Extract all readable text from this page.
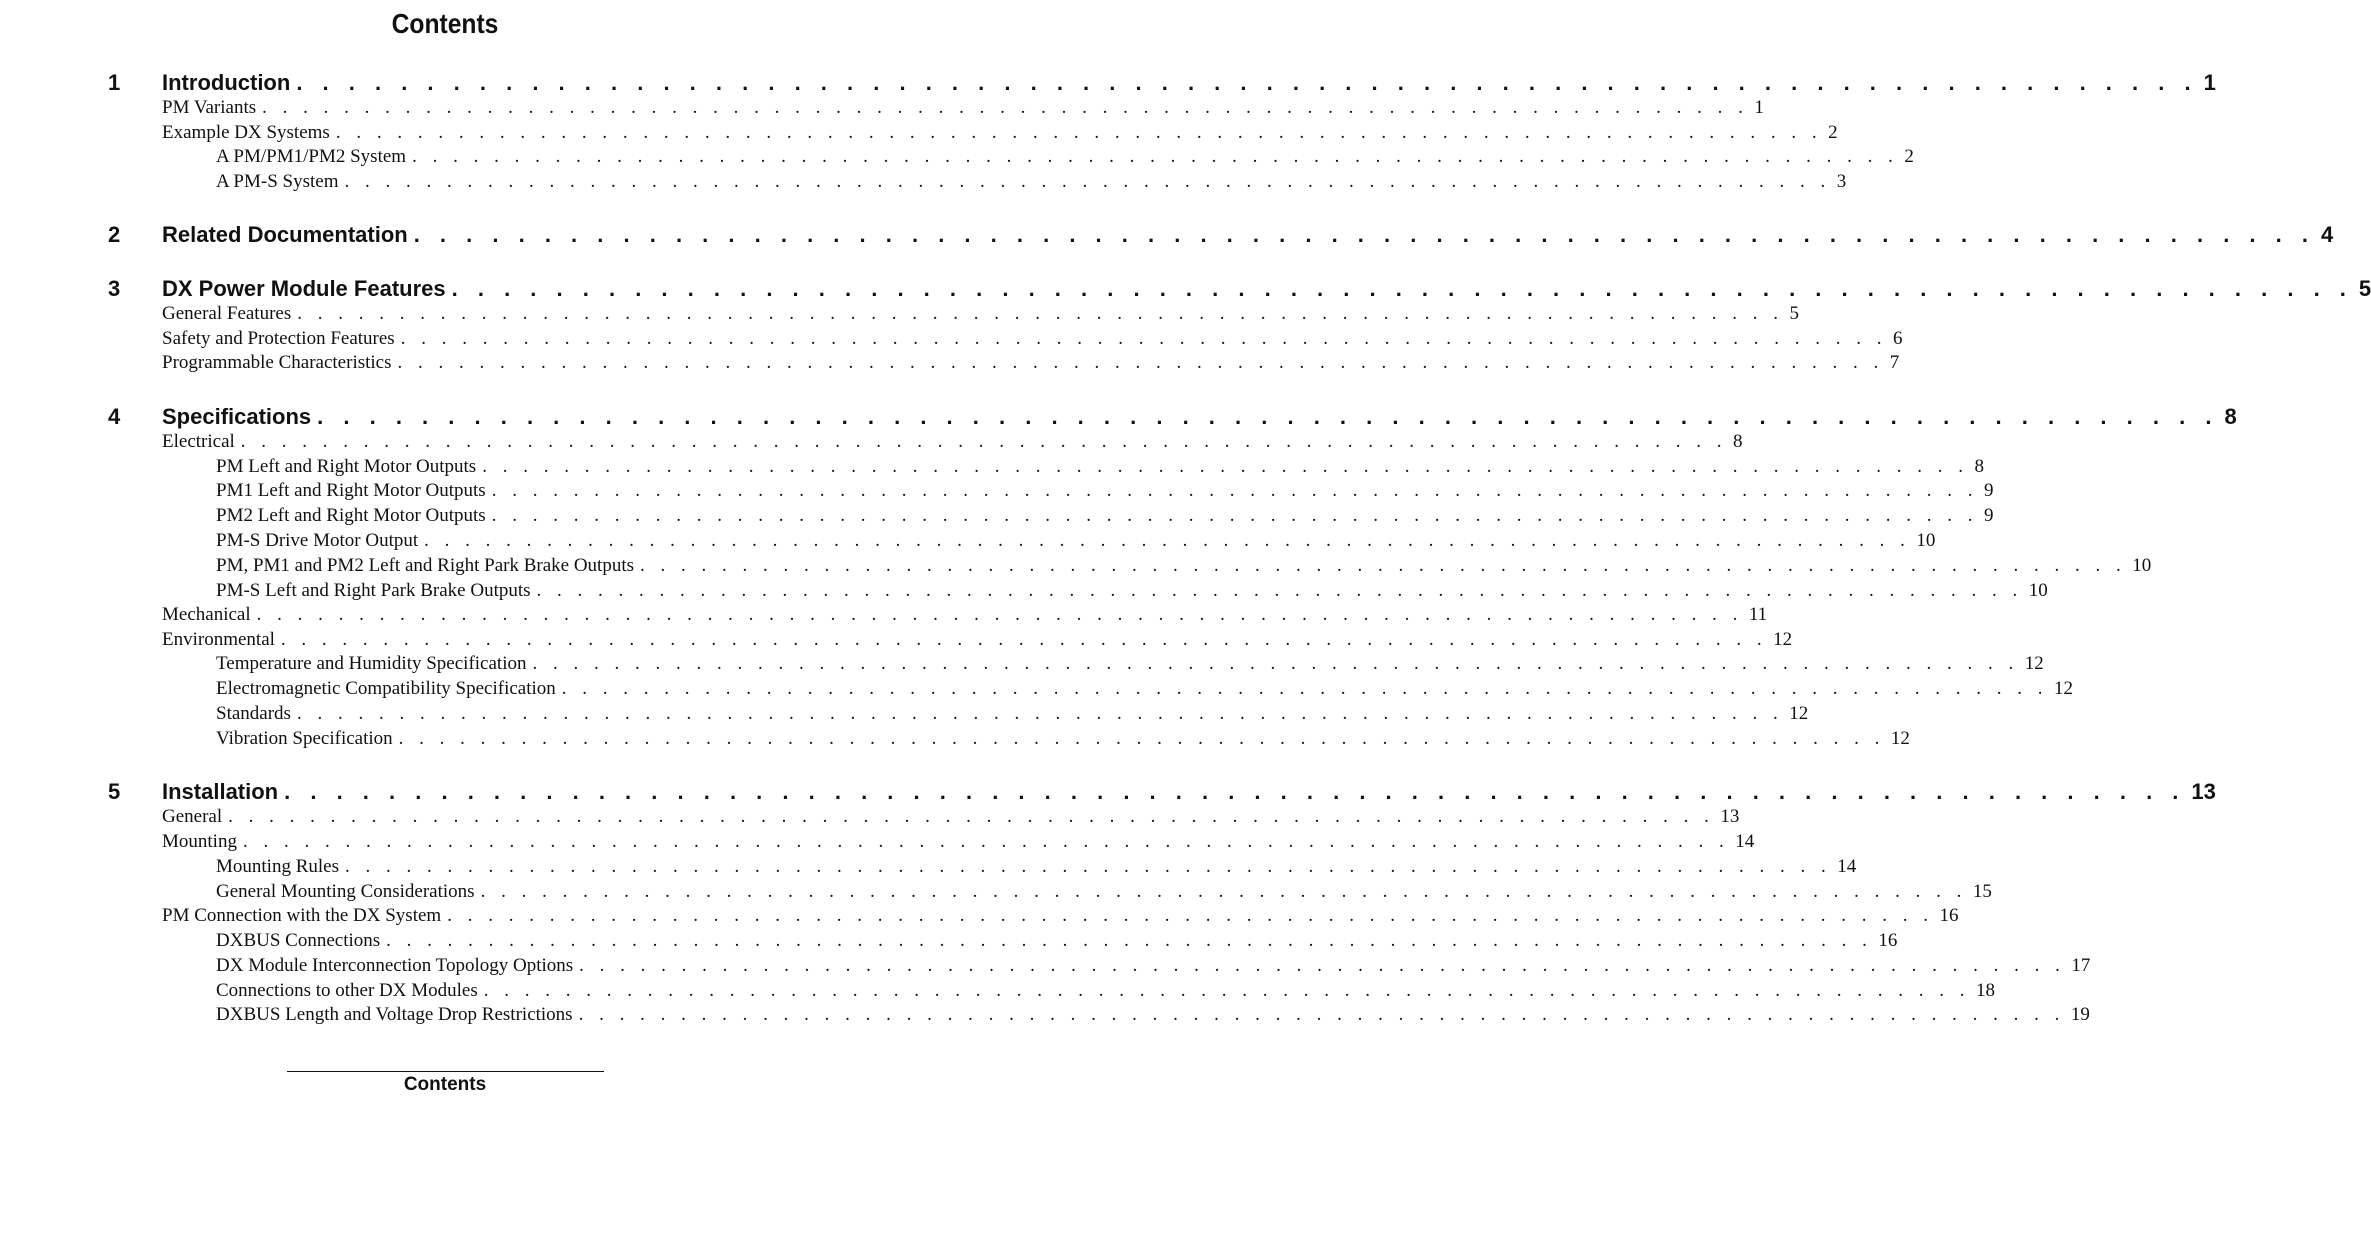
Contents
1 Introduction . . . . . . . . . . . . . . . . . . . . . . . . . . . . . . . . . . . . . . . . . . . . . . . . . . . . . . . . . . . . . . . . . . . . . . . . . 1
PM Variants . . . . . . . . . . . . . . . . . . . . . . . . . . . . . . . . . . . . . . . . . . . . . . . . . . . . . . . . . . . . . . . . . . . . . . . . . 1
Example DX Systems . . . . . . . . . . . . . . . . . . . . . . . . . . . . . . . . . . . . . . . . . . . . . . . . . . . . . . . . . . . . . . . . . . . . . . . . . 2
A PM/PM1/PM2 System . . . . . . . . . . . . . . . . . . . . . . . . . . . . . . . . . . . . . . . . . . . . . . . . . . . . . . . . . . . . . . . . . . . . . . . . . 2
A PM-S System . . . . . . . . . . . . . . . . . . . . . . . . . . . . . . . . . . . . . . . . . . . . . . . . . . . . . . . . . . . . . . . . . . . . . . . . . 3
2 Related Documentation . . . . . . . . . . . . . . . . . . . . . . . . . . . . . . . . . . . . . . . . . . . . . . . . . . . . . . . . . . . . . . . . . . . . . . . . . 4
3 DX Power Module Features . . . . . . . . . . . . . . . . . . . . . . . . . . . . . . . . . . . . . . . . . . . . . . . . . . . . . . . . . . . . . . . . . . . . . . . . . 5
General Features . . . . . . . . . . . . . . . . . . . . . . . . . . . . . . . . . . . . . . . . . . . . . . . . . . . . . . . . . . . . . . . . . . . . . . . . . 5
Safety and Protection Features . . . . . . . . . . . . . . . . . . . . . . . . . . . . . . . . . . . . . . . . . . . . . . . . . . . . . . . . . . . . . . . . . . . . . . . . . 6
Programmable Characteristics . . . . . . . . . . . . . . . . . . . . . . . . . . . . . . . . . . . . . . . . . . . . . . . . . . . . . . . . . . . . . . . . . . . . . . . . . 7
4 Specifications . . . . . . . . . . . . . . . . . . . . . . . . . . . . . . . . . . . . . . . . . . . . . . . . . . . . . . . . . . . . . . . . . . . . . . . . . 8
Electrical . . . . . . . . . . . . . . . . . . . . . . . . . . . . . . . . . . . . . . . . . . . . . . . . . . . . . . . . . . . . . . . . . . . . . . . . . 8
PM Left and Right Motor Outputs . . . . . . . . . . . . . . . . . . . . . . . . . . . . . . . . . . . . . . . . . . . . . . . . . . . . . . . . . . . . . . . . . . . . . . . . . 8
PM1 Left and Right Motor Outputs . . . . . . . . . . . . . . . . . . . . . . . . . . . . . . . . . . . . . . . . . . . . . . . . . . . . . . . . . . . . . . . . . . . . . . . . . 9
PM2 Left and Right Motor Outputs . . . . . . . . . . . . . . . . . . . . . . . . . . . . . . . . . . . . . . . . . . . . . . . . . . . . . . . . . . . . . . . . . . . . . . . . . 9
PM-S Drive Motor Output . . . . . . . . . . . . . . . . . . . . . . . . . . . . . . . . . . . . . . . . . . . . . . . . . . . . . . . . . . . . . . . . . . . . . . . . . 10
PM, PM1 and PM2 Left and Right Park Brake Outputs . . . . . . . . . . . . . . . . . . . . . . . . . . . . . . . . . . . . . . . . . . . . . . . . . . . . . . . . . . . . . . . . . . . . . . . . . 10
PM-S Left and Right Park Brake Outputs . . . . . . . . . . . . . . . . . . . . . . . . . . . . . . . . . . . . . . . . . . . . . . . . . . . . . . . . . . . . . . . . . . . . . . . . . 10
Mechanical . . . . . . . . . . . . . . . . . . . . . . . . . . . . . . . . . . . . . . . . . . . . . . . . . . . . . . . . . . . . . . . . . . . . . . . . . 11
Environmental . . . . . . . . . . . . . . . . . . . . . . . . . . . . . . . . . . . . . . . . . . . . . . . . . . . . . . . . . . . . . . . . . . . . . . . . . 12
Temperature and Humidity Specification . . . . . . . . . . . . . . . . . . . . . . . . . . . . . . . . . . . . . . . . . . . . . . . . . . . . . . . . . . . . . . . . . . . . . . . . . 12
Electromagnetic Compatibility Specification . . . . . . . . . . . . . . . . . . . . . . . . . . . . . . . . . . . . . . . . . . . . . . . . . . . . . . . . . . . . . . . . . . . . . . . . . 12
Standards . . . . . . . . . . . . . . . . . . . . . . . . . . . . . . . . . . . . . . . . . . . . . . . . . . . . . . . . . . . . . . . . . . . . . . . . . 12
Vibration Specification . . . . . . . . . . . . . . . . . . . . . . . . . . . . . . . . . . . . . . . . . . . . . . . . . . . . . . . . . . . . . . . . . . . . . . . . . 12
5 Installation . . . . . . . . . . . . . . . . . . . . . . . . . . . . . . . . . . . . . . . . . . . . . . . . . . . . . . . . . . . . . . . . . . . . . . . . . 13
General . . . . . . . . . . . . . . . . . . . . . . . . . . . . . . . . . . . . . . . . . . . . . . . . . . . . . . . . . . . . . . . . . . . . . . . . . 13
Mounting . . . . . . . . . . . . . . . . . . . . . . . . . . . . . . . . . . . . . . . . . . . . . . . . . . . . . . . . . . . . . . . . . . . . . . . . . 14
Mounting Rules . . . . . . . . . . . . . . . . . . . . . . . . . . . . . . . . . . . . . . . . . . . . . . . . . . . . . . . . . . . . . . . . . . . . . . . . . 14
General Mounting Considerations . . . . . . . . . . . . . . . . . . . . . . . . . . . . . . . . . . . . . . . . . . . . . . . . . . . . . . . . . . . . . . . . . . . . . . . . . 15
PM Connection with the DX System . . . . . . . . . . . . . . . . . . . . . . . . . . . . . . . . . . . . . . . . . . . . . . . . . . . . . . . . . . . . . . . . . . . . . . . . . 16
DXBUS Connections . . . . . . . . . . . . . . . . . . . . . . . . . . . . . . . . . . . . . . . . . . . . . . . . . . . . . . . . . . . . . . . . . . . . . . . . . 16
DX Module Interconnection Topology Options . . . . . . . . . . . . . . . . . . . . . . . . . . . . . . . . . . . . . . . . . . . . . . . . . . . . . . . . . . . . . . . . . . . . . . . . . 17
Connections to other DX Modules . . . . . . . . . . . . . . . . . . . . . . . . . . . . . . . . . . . . . . . . . . . . . . . . . . . . . . . . . . . . . . . . . . . . . . . . . 18
DXBUS Length and Voltage Drop Restrictions . . . . . . . . . . . . . . . . . . . . . . . . . . . . . . . . . . . . . . . . . . . . . . . . . . . . . . . . . . . . . . . . . . . . . . . . . 19
Contents
